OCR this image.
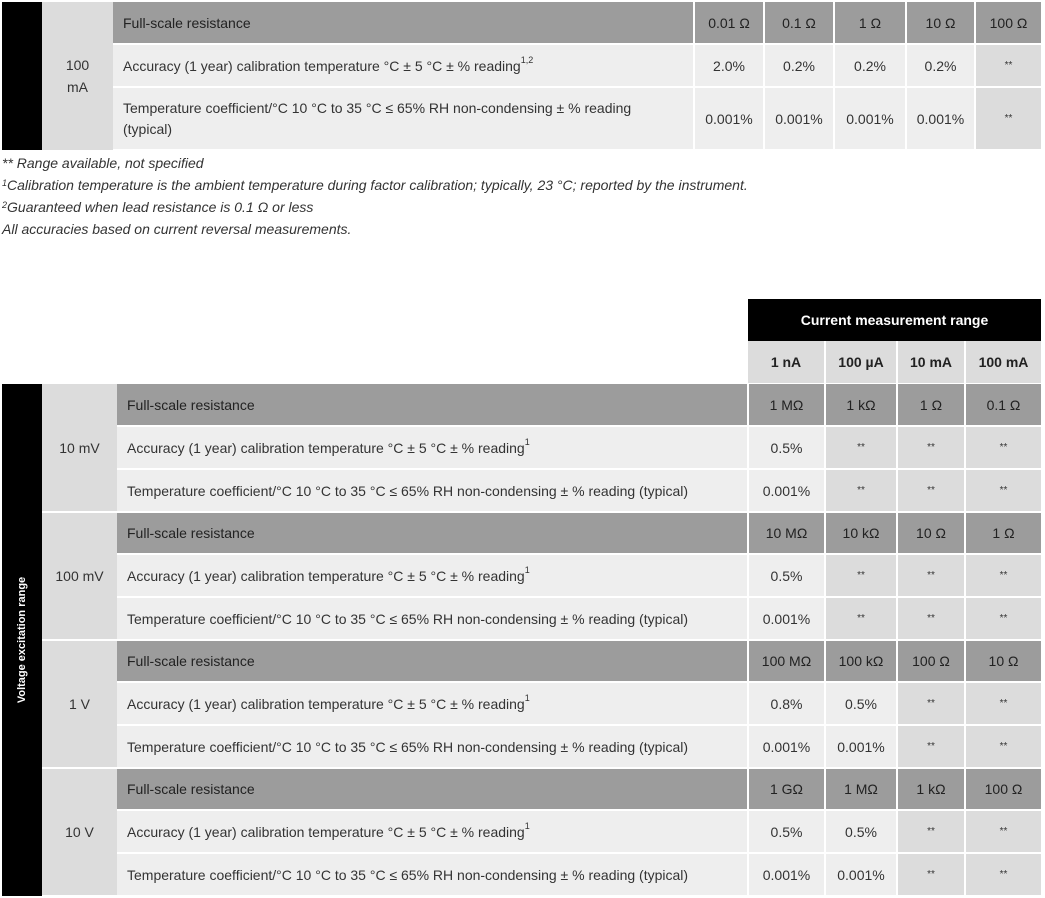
	100
mA	Full-scale resistance	0.01 Ω	0.1 Ω	1 Ω	10 Ω	100 Ω
		Accuracy (1 year) calibration temperature °C ± 5 °C ± % reading$^{1,2}$	2.0%	0.2%	0.2%	0.2%	**
		Temperature coefficient/°C 10 °C to 35 °C ≤ 65% RH non-condensing ± % reading (typical)	0.001%	0.001%	0.001%	0.001%	**
** Range available, not specified
$^1$Calibration temperature is the ambient temperature during factor calibration; typically, 23 °C; reported by the instrument.
$^2$Guaranteed when lead resistance is 0.1 Ω or less
All accuracies based on current reversal measurements.
Current measurement range
1 nA	100 µA	10 mA	100 mA
Voltage excitation range	10 mV	Full-scale resistance	1 MΩ	1 kΩ	1 Ω	0.1 Ω
		Accuracy (1 year) calibration temperature °C ± 5 °C ± % reading$^1$	0.5%	**	**	**
		Temperature coefficient/°C 10 °C to 35 °C ≤ 65% RH non-condensing ± % reading (typical)	0.001%	**	**	**
	100 mV	Full-scale resistance	10 MΩ	10 kΩ	10 Ω	1 Ω
		Accuracy (1 year) calibration temperature °C ± 5 °C ± % reading$^1$	0.5%	**	**	**
		Temperature coefficient/°C 10 °C to 35 °C ≤ 65% RH non-condensing ± % reading (typical)	0.001%	**	**	**
	1 V	Full-scale resistance	100 MΩ	100 kΩ	100 Ω	10 Ω
		Accuracy (1 year) calibration temperature °C ± 5 °C ± % reading$^1$	0.8%	0.5%	**	**
		Temperature coefficient/°C 10 °C to 35 °C ≤ 65% RH non-condensing ± % reading (typical)	0.001%	0.001%	**	**
	10 V	Full-scale resistance	1 GΩ	1 MΩ	1 kΩ	100 Ω
		Accuracy (1 year) calibration temperature °C ± 5 °C ± % reading$^1$	0.5%	0.5%	**	**
		Temperature coefficient/°C 10 °C to 35 °C ≤ 65% RH non-condensing ± % reading (typical)	0.001%	0.001%	**	**
